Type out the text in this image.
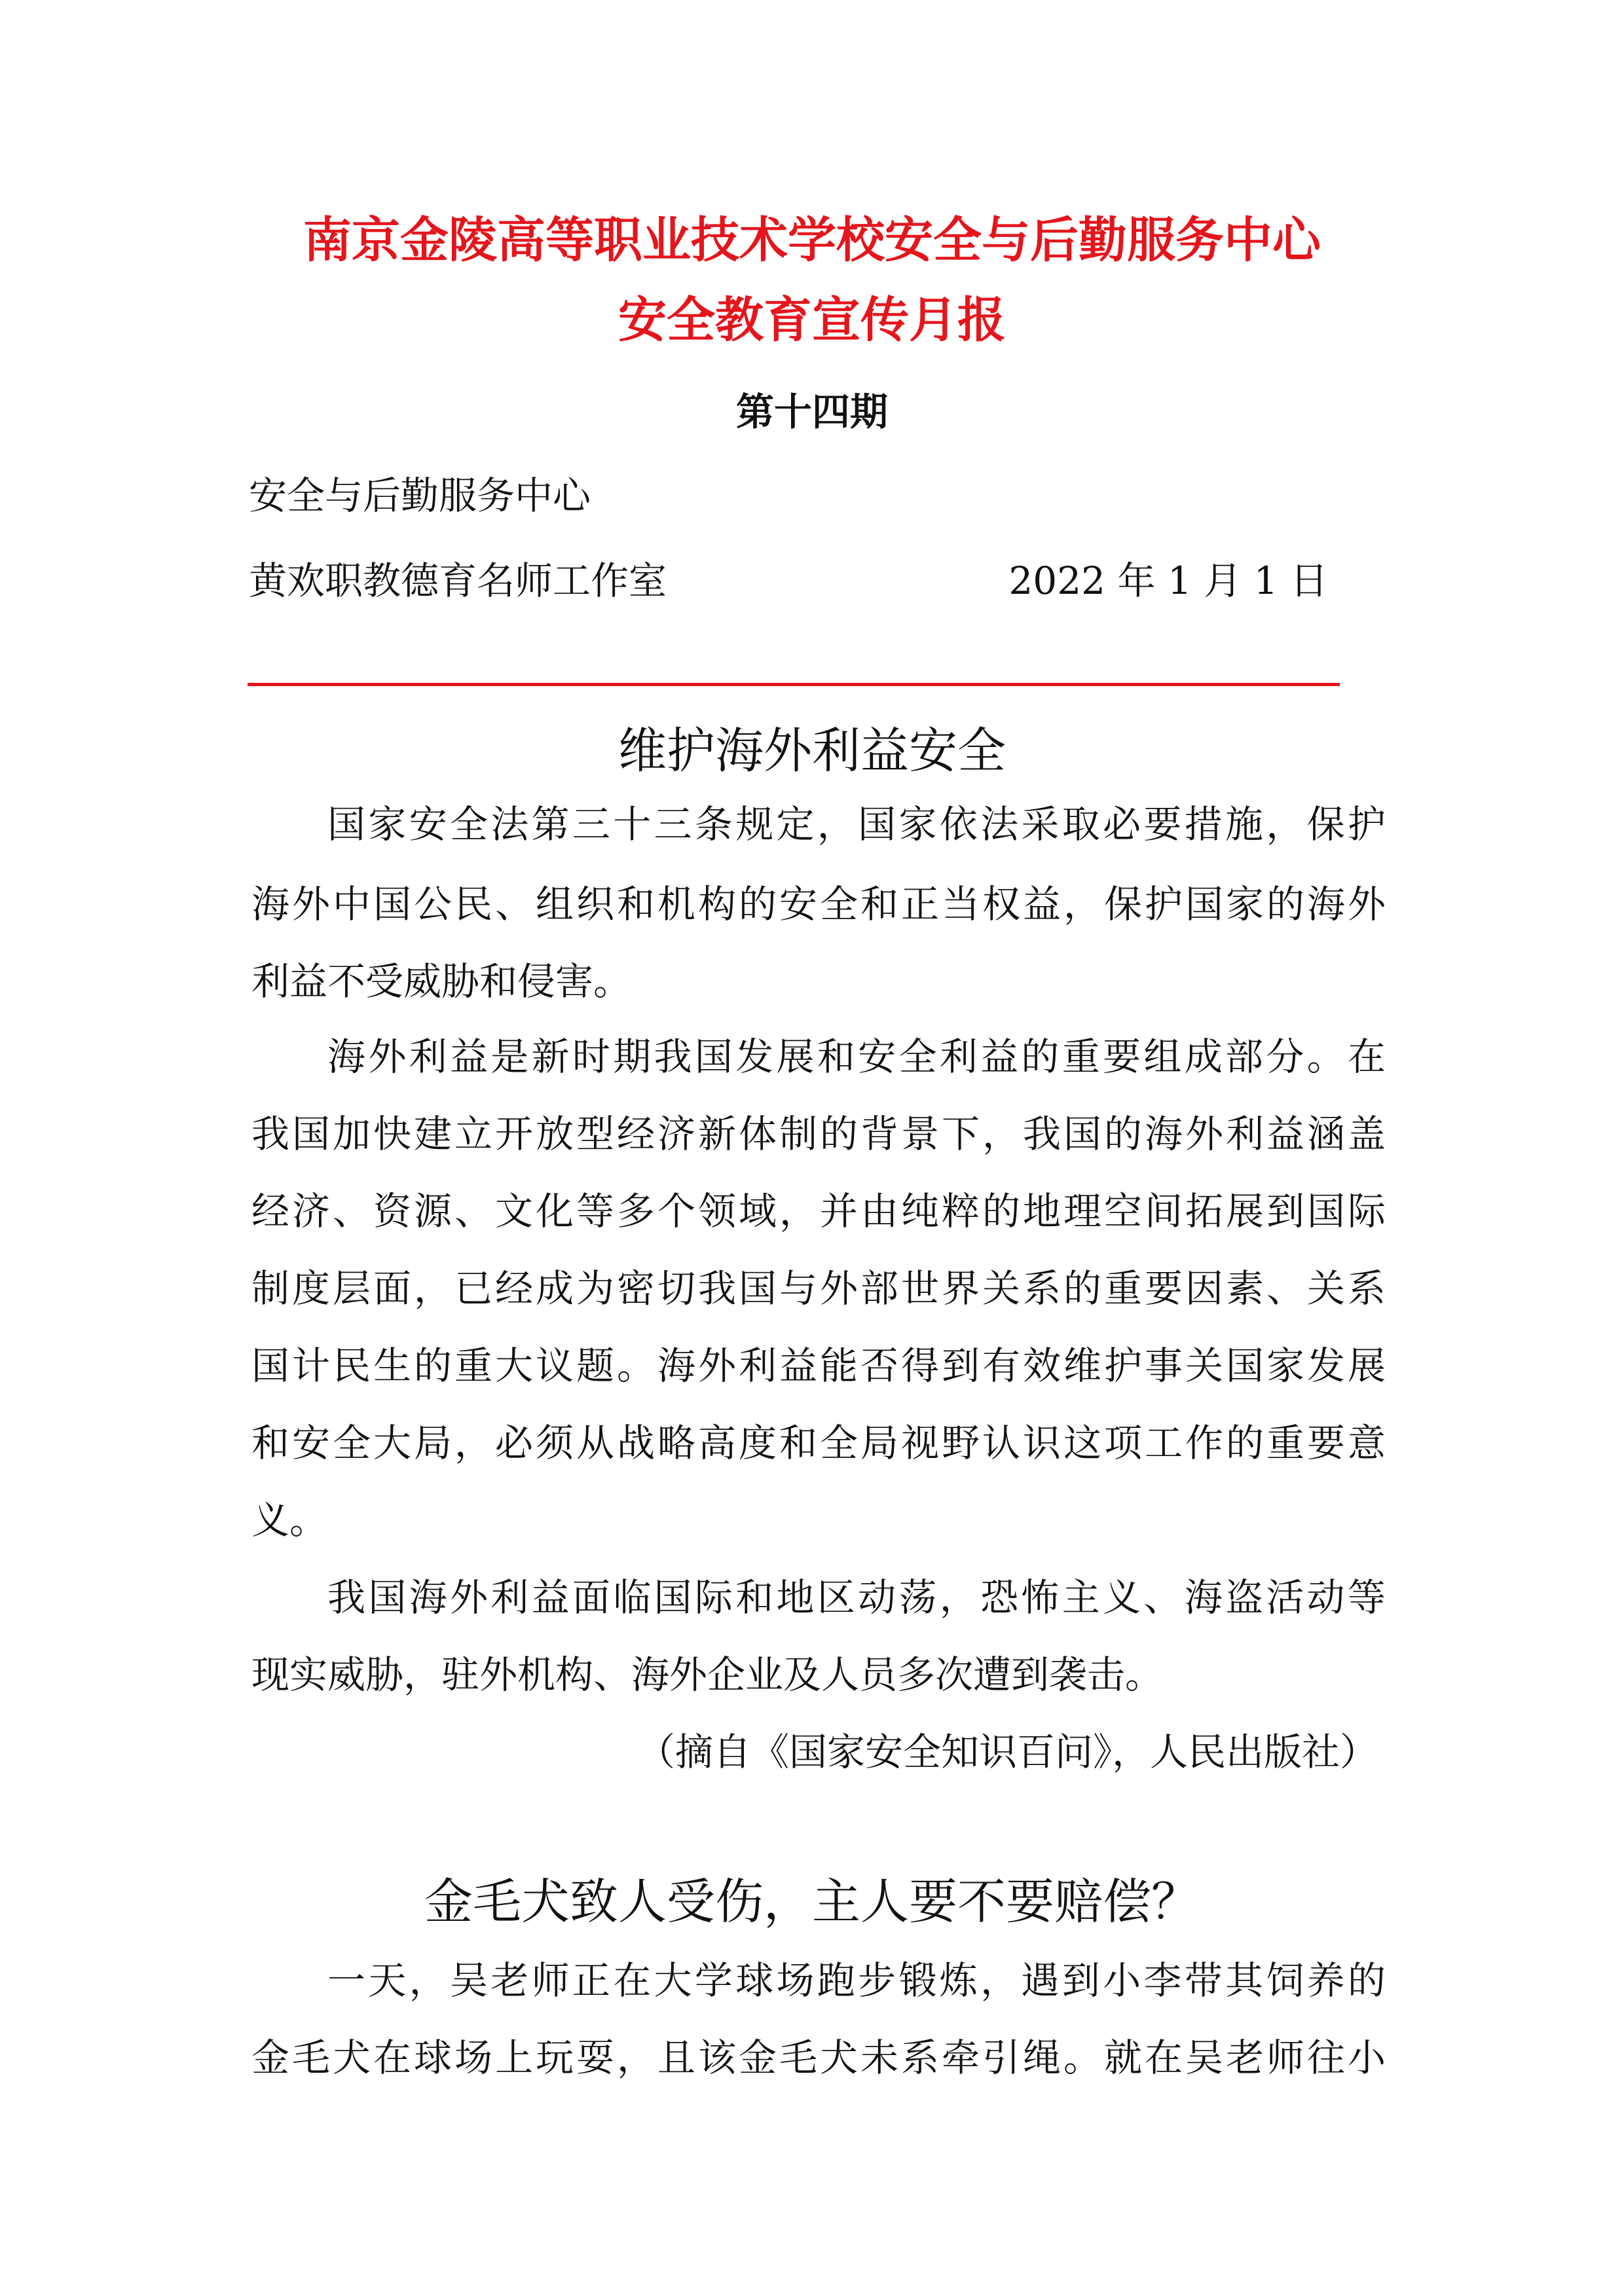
南京金陵高等职业技术学校安全与后勤服务中心
安全教育宣传月报
第十四期
安全与后勤服务中心
黄欢职教德育名师工作室	2022 年 1 月 1 日
维护海外利益安全
国家安全法第三十三条规定，国家依法采取必要措施，保护
海外中国公民、组织和机构的安全和正当权益，保护国家的海外
利益不受威胁和侵害。
海外利益是新时期我国发展和安全利益的重要组成部分。在
我国加快建立开放型经济新体制的背景下，我国的海外利益涵盖
经济、资源、文化等多个领域，并由纯粹的地理空间拓展到国际
制度层面，已经成为密切我国与外部世界关系的重要因素、关系
国计民生的重大议题。海外利益能否得到有效维护事关国家发展
和安全大局，必须从战略高度和全局视野认识这项工作的重要意
义。
我国海外利益面临国际和地区动荡，恐怖主义、海盗活动等
现实威胁，驻外机构、海外企业及人员多次遭到袭击。
（摘自《国家安全知识百问》，人民出版社）
金毛犬致人受伤，主人要不要赔偿？
一天，吴老师正在大学球场跑步锻炼，遇到小李带其饲养的
金毛犬在球场上玩耍，且该金毛犬未系牵引绳。就在吴老师往小
